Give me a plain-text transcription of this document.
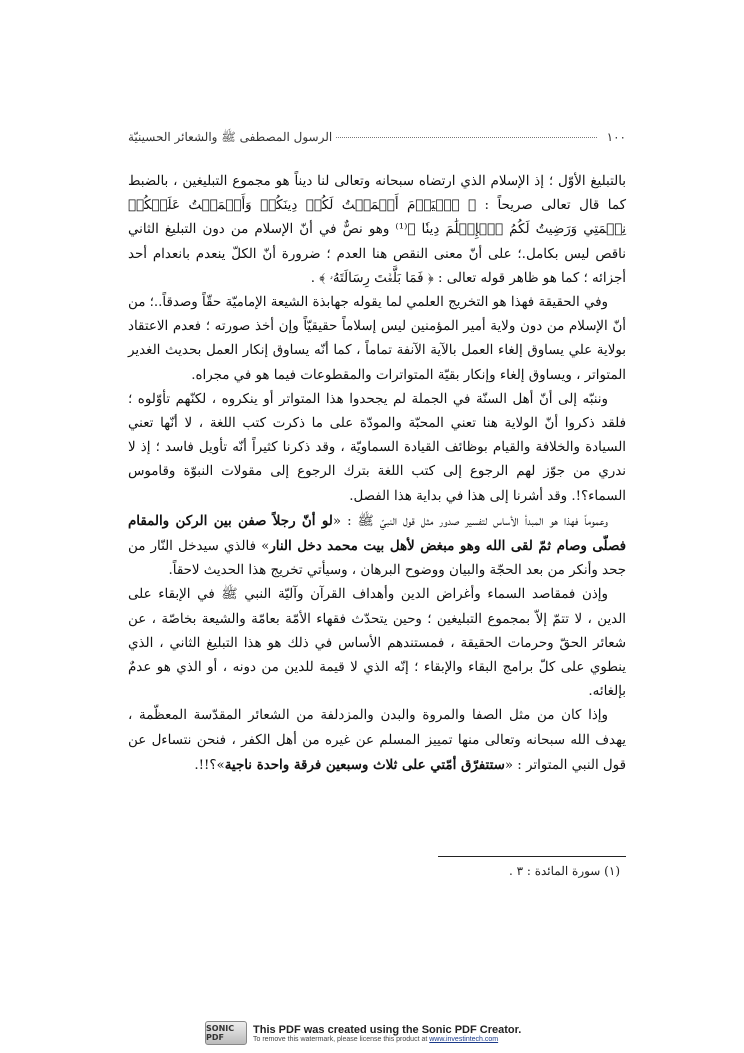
١٠٠
الرسول المصطفى ﷺ والشعائر الحسينيّة

بالتبليغ الأوّل ؛ إذ الإسلام الذي ارتضاه سبحانه وتعالى لنا ديناً هو مجموع التبليغين ، بالضبط كما قال تعالى صريحاً : ﴿ ٱلۡيَوۡمَ أَكۡمَلۡتُ لَكُمۡ دِينَكُمۡ وَأَتۡمَمۡتُ عَلَيۡكُمۡ نِعۡمَتِي وَرَضِيتُ لَكُمُ ٱلۡإِسۡلَٰمَ دِينٗا ﴾⁽¹⁾ وهو نصٌّ في أنّ الإسلام من دون التبليغ الثاني ناقص ليس بكامل.؛ على أنّ معنى النقص هنا العدم ؛ ضرورة أنّ الكلّ ينعدم بانعدام أحد أجزائه ؛ كما هو ظاهر قوله تعالى : ﴿ فَمَا بَلَّغۡتَ رِسَالَتَهُۥ ﴾ .

وفي الحقيقة فهذا هو التخريج العلمي لما يقوله جهابذة الشيعة الإماميّة حقّاً وصدقاً..؛ من أنّ الإسلام من دون ولاية أمير المؤمنين ليس إسلاماً حقيقيّاً وإن أخذ صورته ؛ فعدم الاعتقاد بولاية علي يساوق إلغاء العمل بالآية الآنفة تماماً ، كما أنّه يساوق إنكار العمل بحديث الغدير المتواتر ، ويساوق إلغاء وإنكار بقيّة المتواترات والمقطوعات فيما هو في مجراه.

وننبّه إلى أنّ أهل السنّة في الجملة لم يجحدوا هذا المتواتر أو ينكروه ، لكنّهم تأوّلوه ؛ فلقد ذكروا أنّ الولاية هنا تعني المحبّة والمودّة على ما ذكرت كتب اللغة ، لا أنّها تعني السيادة والخلافة والقيام بوظائف القيادة السماويّة ، وقد ذكرنا كثيراً أنّه تأويل فاسد ؛ إذ لا ندري من جوّز لهم الرجوع إلى كتب اللغة بترك الرجوع إلى مقولات النبوّة وقاموس السماء؟!. وقد أشرنا إلى هذا في بداية هذا الفصل.

وعموماً فهذا هو المبدأ الأساس لتفسير صدور مثل قول النبيّ ﷺ : «لو أنّ رجلاً صفن بين الركن والمقام فصلّى وصام ثمّ لقى الله وهو مبغض لأهل بيت محمد دخل النار» فالذي سيدخل النّار من جحد وأنكر من بعد الحجّة والبيان ووضوح البرهان ، وسيأتي تخريج هذا الحديث لاحقاً.

وإذن فمقاصد السماء وأغراض الدين وأهداف القرآن وآليّة النبي ﷺ في الإبقاء على الدين ، لا تتمّ إلاّ بمجموع التبليغين ؛ وحين يتحدّث فقهاء الأمّة بعامّة والشيعة بخاصّة ، عن شعائر الحقّ وحرمات الحقيقة ، فمستندهم الأساس في ذلك هو هذا التبليغ الثاني ، الذي ينطوي على كلّ برامج البقاء والإبقاء ؛ إنّه الذي لا قيمة للدين من دونه ، أو الذي هو عدمٌ بإلغائه.

وإذا كان من مثل الصفا والمروة والبدن والمزدلفة من الشعائر المقدّسة المعظّمة ، يهدف الله سبحانه وتعالى منها تمييز المسلم عن غيره من أهل الكفر ، فنحن نتساءل عن قول النبي المتواتر : «ستتفرّق أمّتي على ثلاث وسبعين فرقة واحدة ناجية»؟!!.

(١) سورة المائدة : ٣ .
SONIC PDF
This PDF was created using the Sonic PDF Creator.
To remove this watermark, please license this product at www.investintech.com
